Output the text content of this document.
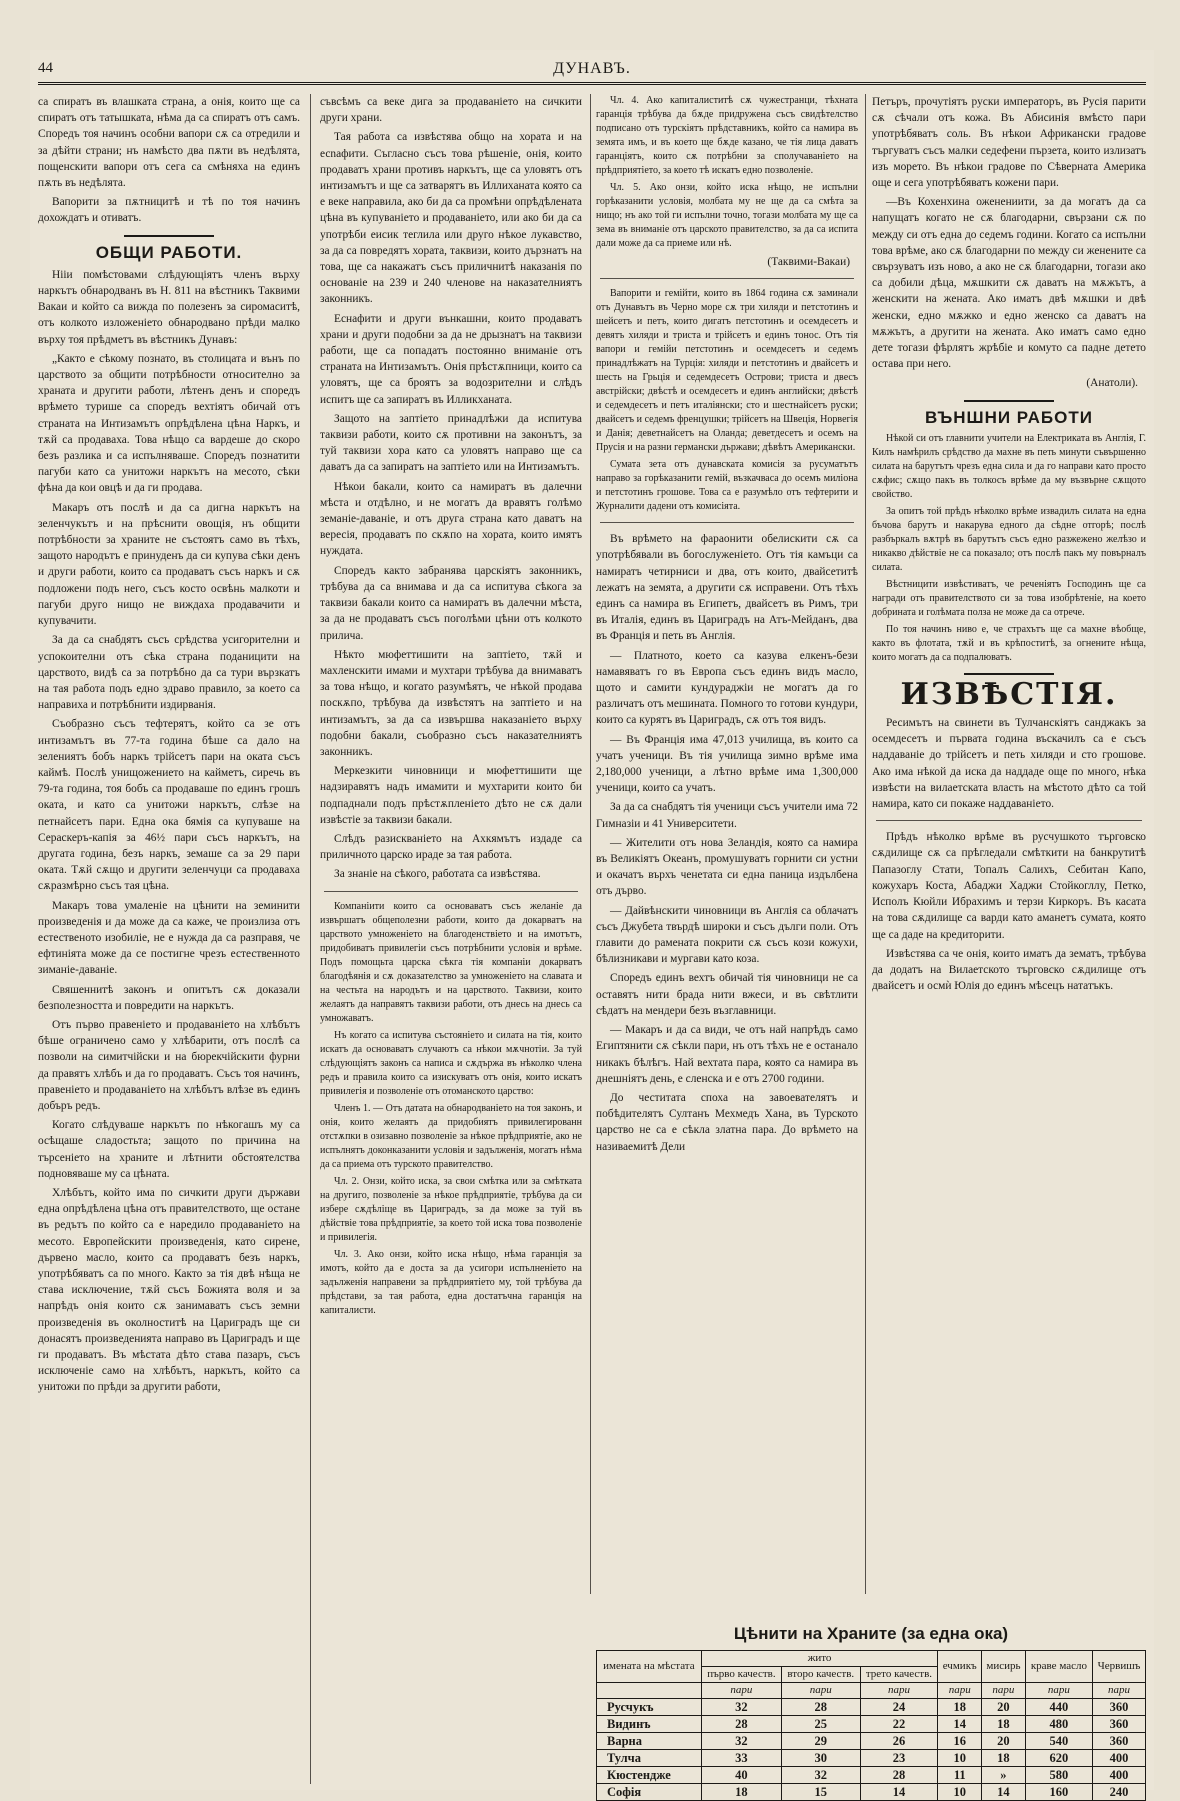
44	ДУНАВЪ.

са спиратъ въ влашката страна, а онія, които ще са спиратъ отъ татышката, нѣма да са спиратъ отъ самъ. Споредъ тоя начинъ особни вапори сѫ са отредили и за дѣйти страни; нъ намѣсто два пѫти въ недѣлята, пощенскити вапори отъ сега са смѣняха на единъ пѫть въ недѣлята.

Вапорити за пѫтницитѣ и тѣ по тоя начинъ дохождатъ и отиватъ.

ОБЩИ РАБОТИ.

Нііи помѣстовами слѣдующіятъ членъ върху наркътъ обнародванъ въ Н. 811 на вѣстникъ Таквими Вакаи и който са вижда по полезенъ за сиромаситѣ, отъ колкото изложеніето обнародвано прѣди малко върху тоя прѣдметъ въ вѣстникъ Дунавъ:

„Както е сѣкому познато, въ столицата и вънъ по царството за общити потрѣбности относително за храната и другити работи, лѣтенъ денъ и споредъ врѣмето турише са споредъ вехтіятъ обичай отъ страната на Интизамътъ опрѣдѣлена цѣна Наркъ, и тѫй са продаваха. Това нѣщо са вардеше до скоро безъ разлика и са испълняваше. Споредъ познатити пагуби като са унитожи наркътъ на месото, сѣки фѣна да кои овцѣ и да ги продава.

Макаръ отъ послѣ и да са дигна наркътъ на зеленчукътъ и на прѣснити овощія, нъ общити потрѣбности за храните не състоятъ само въ тѣхъ, защото народътъ е принуденъ да си купува сѣки денъ и други работи, които са продаватъ съсъ наркъ и сѫ подложени подъ него, съсъ косто освѣнь малкоти и пагуби друго нищо не виждаха продавачити и купувачити.

За да са снабдятъ съсъ срѣдства усигорителни и успокоителни отъ сѣка страна поданицити на царството, видѣ са за потрѣбно да са тури вързкатъ на тая работа подъ едно здраво правило, за което са направиха и потрѣбнити издирванія.

Съобразно съсъ тефтерятъ, който са зе отъ интизамътъ въ 77-та година бѣше са дало на зелениятъ бобъ наркъ трійсетъ пари на оката съсъ каймѣ. Послѣ унищожението на кайметъ, сиречь въ 79-та година, тоя бобъ са продаваше по единъ грошъ оката, и като са унитожи наркътъ, слѣзе на петнайсетъ пари. Една ока бямія са купуваше на Сераскеръ-капія за 46½ пари съсъ наркътъ, на другата година, безъ наркъ, земаше са за 29 пари оката. Тѫй сѫщо и другити зеленчуци са продаваха сѫразмѣрно съсъ тая цѣна.

Макаръ това умаленіе на цѣнити на земинити произведенія и да може да са каже, че произлиза отъ естественото изобиліе, не е нужда да са разправя, че ефтиніята може да се постигне чрезъ естественното зиманіе-даваніе.

Свяшеннитѣ законъ и опитътъ сѫ доказали безполезността и повредити на наркътъ.

Отъ първо правеніето и продаваніето на хлѣбътъ бѣше ограничено само у хлѣбарити, отъ послѣ са позволи на симитчійски и на бюрекчійскити фурни да правятъ хлѣбъ и да го продаватъ. Съсъ тоя начинъ, правеніето и продаваніето на хлѣбътъ влѣзе въ единъ добъръ редъ.

Когато слѣдуваше наркътъ по нѣкогашъ му са осѣщаше сладостьта; защото по причина на търсеніето на храните и лѣтнити обстоятелства подновяваше му са цѣната.

Хлѣбътъ, който има по сичкити други държави една опрѣдѣлена цѣна отъ правителството, ще остане въ редътъ по който са е наредило продаваніето на месото. Европейскити произведенія, като сирене, дървено масло, които са продаватъ безъ наркъ, употрѣбяватъ са по много. Както за тія двѣ нѣща не става исключение, тѫй съсъ Божията воля и за напрѣдъ онія които сѫ занимаватъ съсъ земни произведенія въ околноститѣ на Цариградъ ще си донасятъ произведенията направо въ Цариградъ и ще ги продаватъ. Въ мѣстата дѣто става пазаръ, съсъ исключеніе само на хлѣбътъ, наркътъ, който са унитожи по прѣди за другити работи,

съвсѣмъ са веке дига за продаваніето на сичкити други храни.

Тая работа са извѣстява общо на хората и на есnафити. Съгласно съсъ това рѣшеніе, онія, които продаватъ храни противъ наркътъ, ще са уловятъ отъ интизамътъ и ще са затварятъ въ Иллиханата която са е веке направила, ако би да са промѣни опрѣдѣлената цѣна въ купуваніето и продаваніето, или ако би да са употрѣби еисик теглила или друго нѣкое лукавство, за да са повредятъ хората, таквизи, които дързнатъ на това, ще са накажатъ съсъ приличнитѣ наказанія по основаніе на 239 и 240 членове на наказателниятъ законникъ.

Еснафити и други вънкашни, които продаватъ храни и други подобни за да не дрызнатъ на таквизи работи, ще са попадатъ постоянно вниманіе отъ страната на Интизамътъ. Онія прѣстѫпници, които са уловятъ, ще са броятъ за водозрителни и слѣдъ испитъ ще са запиратъ въ Илликханата.

Защото на заптіето принадлѣжи да испитува таквизи работи, които сѫ противни на законътъ, за туй таквизи хора като са уловятъ направо ще са даватъ да са запиратъ на заптіето или на Интизамътъ.

Нѣкои бакали, които са намиратъ въ далечни мѣста и отдѣлно, и не могатъ да вравятъ голѣмо земаніе-даваніе, и отъ друга страна като даватъ на вересія, продаватъ по скѫпо на хората, които имятъ нуждата.

Споредъ както забранява царскіятъ законникъ, трѣбува да са внимава и да са испитува сѣкога за таквизи бакали които са намиратъ въ далечни мѣста, за да не продаватъ съсъ поголѣми цѣни отъ колкото прилича.

Нѣкто мюфеттишити на заптіето, тѫй и махленскити имами и мухтари трѣбува да внимаватъ за това нѣщо, и когато разумѣятъ, че нѣкой продава поскѫпо, трѣбува да извѣстятъ на заптіето и на интизамътъ, за да са извършва наказаніето върху подобни бакали, съобразно съсъ наказателниятъ законникъ.

Меркезкити чиновници и мюфеттишити ще надзиравятъ надъ имамити и мухтарити които би подпаднали подъ прѣстѫпленіето дѣто не сѫ дали извѣстіе за таквизи бакали.

Слѣдъ разискваніето на Ахкямътъ издаде са приличното царско ираде за тая работа.

За знаніе на сѣкого, работата са извѣстява.

Компаніити които са основаватъ съсъ желаніе да извършатъ общеполезни работи, които да докарватъ на царството умноженіето на благоденствіето и на имотътъ, придобиватъ привилегіи съсъ потрѣбнити условія и врѣме. Подъ помощьта царска сѣкга тія компаніи докарватъ благодѣянія и сѫ доказателство за умноженіето на славата и на честьта на народътъ и на царството. Таквизи, които желаятъ да направятъ таквизи работи, отъ днесь на днесь са умножаватъ.

Нъ когато са испитува състояніето и силата на тія, които искатъ да основаватъ случаютъ са нѣкои мѫчнотіи. За туй слѣдующіятъ законъ са написа и сѫдържа въ нѣколко члена редъ и правила които са изискуватъ отъ онія, които искатъ привилегія и позволеніе отъ отоманското царство:

Членъ 1. — Отъ датата на обнародваніето на тоя законъ, и онія, които желаятъ да придобиятъ привилегированн отстѫпки в озизавно позволеніе за нѣкое прѣдприятіе, ако не испълнятъ доконказанити условія и задълженія, могатъ нѣма да са приема отъ турското правителство.

Чл. 2. Онзи, който иска, за свои смѣтка или за смѣтката на другиго, позволеніе за нѣкое прѣдприятіе, трѣбува да си избере сѫдѣліщe въ Цариградъ, за да може за туй въ дѣйствіе това прѣдприятіе, за което той иска това позволеніе и привилегія.

Чл. 3. Ако онзи, който иска нѣщо, нѣма гаранція за имотъ, който да е доста за да усигори испълненіето на задълженія направени за прѣдприятіето му, той трѣбува да прѣдстави, за тая работа, една достатъчна гаранція на капиталисти.

Чл. 4. Ако капиталиститѣ сѫ чужестранци, тѣхната гаранція трѣбува да бѫде придружена съсъ свидѣтелство подписано отъ турскіятъ прѣдставникъ, който са намира въ земята имъ, и въ което ще бѫде казано, че тія лица даватъ гаранціятъ, които сѫ потрѣбни за сполучаваніето на прѣдприятіето, за което тѣ искатъ едно позволеніе.

Чл. 5. Ако онзи, който иска нѣщо, не испълни горѣказанити условія, молбата му не ще да са смѣта за нищо; нъ ако той ги испълни точно, тогази молбата му ще са зема въ вниманіе отъ царското правителство, за да са испита дали може да са приеме или нѣ.

(Таквими-Вакаи)

Вапорити и гемійти, които въ 1864 година сѫ заминали отъ Дунавътъ въ Черно море сѫ три хиляди и петстотинъ и шейсетъ и петъ, които дигатъ петстотинъ и осемдесетъ и девятъ хиляди и триста и трійсетъ и единъ тонос. Отъ тія вапори и гемійи петстотинъ и осемдесетъ и седемъ принадлѣжатъ на Турція: хиляди и петстотинъ и двайсетъ и шесть на Грьція и седемдесетъ Острови; триста и двесъ австрійски; двѣстѣ и осемдесетъ и единъ английски; двѣстѣ и седемдесетъ и петъ италіянски; сто и шестнайсетъ руски; двайсетъ и седемъ френцушки; трійсетъ на Швеція, Норвегія и Данія; деветнайсетъ на Оланда; деветдесетъ и осемъ на Прусія и на разни германски държави; дѣвѣтъ Американски.

Сумата зета отъ дунавската комисія за русуматътъ направо за горѣказанити гемій, възкачваса до осемъ миліона и петстотинъ грошове. Това са е разумѣло отъ тефтерити и Журналити дадени отъ комисіята.

Въ врѣмето на фараонити обелискити сѫ са употрѣбявали въ богослуженіето. Отъ тія камъци са намиратъ четирниси и два, отъ които, двайсетитѣ лежатъ на земята, а другити сѫ исправени. Отъ тѣхъ единъ са намира въ Египетъ, двайсетъ въ Римъ, три въ Италія, единъ въ Цариградъ на Атъ-Мейданъ, два въ Франція и петь въ Англія.

— Платното, което са казува елкенъ-бези намавяватъ го въ Европа съсъ единъ видъ масло, щото и самити кундураджіи не могатъ да го различатъ отъ мешината. Помного то готови кундури, които са курятъ въ Цариградъ, сѫ отъ тоя видъ.

— Въ Франція има 47,013 училища, въ които са учатъ ученици. Въ тія училища зимно врѣме има 2,180,000 ученици, а лѣтно врѣме има 1,300,000 ученици, които са учатъ.

За да са снабдятъ тія ученици съсъ учители има 72 Гимназіи и 41 Университети.

— Жителити отъ нова Зеландія, която са намира въ Великіятъ Океанъ, промушуватъ горнити си устни и окачатъ върхъ ченетата си една паница издълбена отъ дърво.

— Дайвѣнскити чиновници въ Англія са облачатъ съсъ Джубета твърдѣ широки и съсъ дълги поли. Отъ главити до рамената покрити сѫ съсъ кози кожухи, бѣлизникави и мургави като коза.

Споредъ единъ вехтъ обичай тія чиновници не са оставятъ нити брада нити вжеси, и въ свѣтлити сѣдатъ на мендери безъ възглавници.

— Макаръ и да са види, че отъ най напрѣдъ само Египтянити сѫ сѣкли пари, нъ отъ тѣхъ не е останало никакъ бѣлѣгъ. Най вехтата пара, която са намира въ днешніятъ день, е сленска и е отъ 2700 години.

До честитата споха на завоевателятъ и побѣдителятъ Султанъ Мехмедъ Хана, въ Турското царство не са е сѣкла златна пара. До врѣмето на називаемитѣ Дели

Петъръ, прочутіятъ руски императоръ, въ Русія парити сѫ сѣчали отъ кожа. Въ Абисинія вмѣсто пари употрѣбяватъ соль. Въ нѣкои Африкански градове търгуватъ съсъ малки седефени пързета, които излизатъ изъ морето. Въ нѣкои градове по Сѣверната Америка още и сега употрѣбяватъ кожени пари.

—Въ Кохенхина оженениити, за да могатъ да са напущатъ когато не сѫ благодарни, свързани сѫ по между си отъ една до седемъ години. Когато са испълни това врѣме, ако сѫ благодарни по между си женените са свързуватъ изъ ново, а ако не сѫ благодарни, тогази ако са добили дѣца, мѫшкити сѫ даватъ на мѫжътъ, а женскити на жената. Ако иматъ двѣ мѫшки и двѣ женски, едно мѫжко и едно женско са даватъ на мѫжътъ, а другити на жената. Ако иматъ само едно дете тогази фѣрлятъ жрѣбіе и комуто са падне детето остава при него.

(Анатоли).
ВЪНШНИ РАБОТИ

Нѣкой си отъ главнити учители на Електриката въ Англія, Г. Килъ намѣрилъ срѣдство да махне въ петь минути съвършенно силата на барутътъ чрезъ една сила и да го направи като просто сѫфис; сѫщо пакъ въ толкосъ врѣме да му възвърне сѫщото свойство.

За опитъ той прѣдъ нѣколко врѣме извадилъ силата на една бъчова барутъ и накарува едного да сѣдне отгорѣ; послѣ разбъркалъ вѫтрѣ въ барутътъ съсъ едно разжежено желѣзо и никакво дѣйствіе не са показало; отъ послѣ пакъ му повърналъ силата.

Вѣстницити извѣстиватъ, че реченіятъ Господинъ ще са награди отъ правителството си за това изобрѣтеніе, на което добрината и голѣмата полза не може да са отрече.

По тоя начинъ ниво е, че страхътъ ще са махне вѣобще, както въ флотата, тѫй и въ крѣпоститѣ, за огнените нѣща, които могатъ да са подпалюватъ.

ИЗВѢСТІЯ.

Ресимътъ на свинети въ Тулчанскіятъ санджакъ за осемдесетъ и първата година въскачилъ са е съсъ наддаваніе до трійсетъ и петь хиляди и сто грошове. Ако има нѣкой да иска да наддаде още по много, нѣка извѣсти на вилаетската власть на мѣстото дѣто са той намира, като си покаже наддаваніето.

Прѣдъ нѣколко врѣме въ русчушкото търговско сѫдилище сѫ са прѣгледали смѣткити на банкрутитѣ Папазоглу Стати, Топалъ Салихъ, Себитан Капо, кожухаръ Коста, Абаджи Хаджи Стойкогллу, Петко, Исполъ Кюйли Ибрахимъ и терзи Киркоръ. Въ касата на това сѫдилище са варди като аманетъ сумата, която ще са даде на кредиторити.

Извѣстява са че онія, които иматъ да зематъ, трѣбува да додатъ на Вилаетското търговско сѫдилище отъ двайсетъ и осмѝ Юлія до единъ мѣсецъ нататъкъ.

Цѣнити на Храните (за една ока)
имената на мѣстата	жито			ечмикъ	мисирь	краве масло	Червишъ
	първо качеств.	второ качеств.	трето качеств.				
	пари	пари	пари	пари	пари	пари	пари
Русчукъ	32	28	24	18	20	440	360
Видинъ	28	25	22	14	18	480	360
Варна	32	29	26	16	20	540	360
Тулча	33	30	23	10	18	620	400
Кюстендже	40	32	28	11	»	580	400
Софія	18	15	14	10	14	160	240
